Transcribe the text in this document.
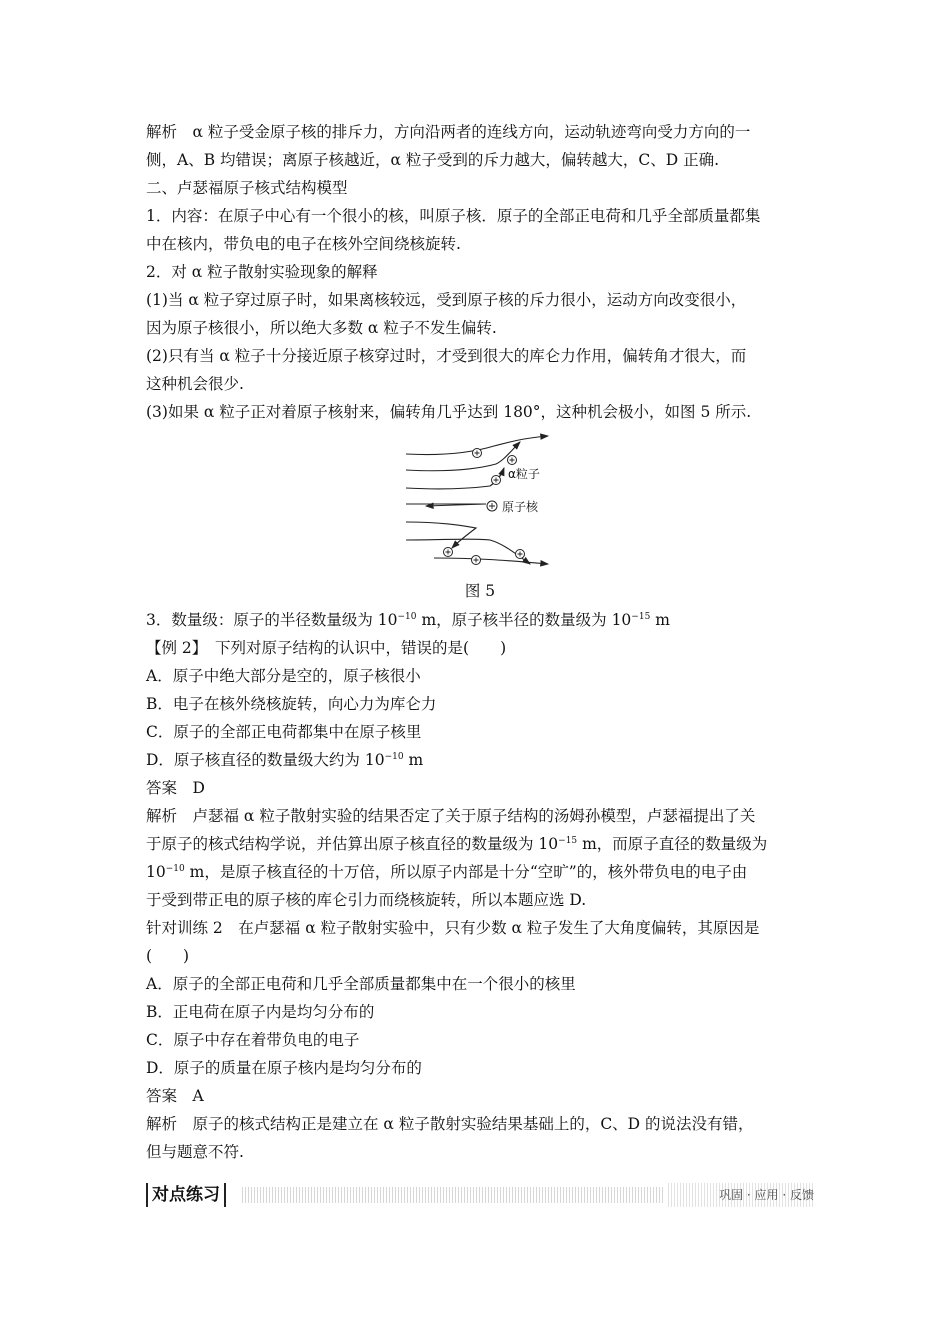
解析　α 粒子受金原子核的排斥力，方向沿两者的连线方向，运动轨迹弯向受力方向的一
侧，A、B 均错误；离原子核越近，α 粒子受到的斥力越大，偏转越大，C、D 正确.
二、卢瑟福原子核式结构模型
1．内容：在原子中心有一个很小的核，叫原子核．原子的全部正电荷和几乎全部质量都集
中在核内，带负电的电子在核外空间绕核旋转.
2．对 α 粒子散射实验现象的解释
(1)当 α 粒子穿过原子时，如果离核较远，受到原子核的斥力很小，运动方向改变很小，
因为原子核很小，所以绝大多数 α 粒子不发生偏转.
(2)只有当 α 粒子十分接近原子核穿过时，才受到很大的库仑力作用，偏转角才很大，而
这种机会很少.
(3)如果 α 粒子正对着原子核射来，偏转角几乎达到 180°，这种机会极小，如图 5 所示.
α粒子
原子核
图 5
3．数量级：原子的半径数量级为 $10^{-10}$ m，原子核半径的数量级为 $10^{-15}$ m
【例 2】　下列对原子结构的认识中，错误的是(　　)
A．原子中绝大部分是空的，原子核很小
B．电子在核外绕核旋转，向心力为库仑力
C．原子的全部正电荷都集中在原子核里
D．原子核直径的数量级大约为 $10^{-10}$ m
答案　D
解析　卢瑟福 α 粒子散射实验的结果否定了关于原子结构的汤姆孙模型，卢瑟福提出了关
于原子的核式结构学说，并估算出原子核直径的数量级为 $10^{-15}$ m，而原子直径的数量级为
$10^{-10}$ m，是原子核直径的十万倍，所以原子内部是十分“空旷”的，核外带负电的电子由
于受到带正电的原子核的库仑引力而绕核旋转，所以本题应选 D.
针对训练 2　在卢瑟福 α 粒子散射实验中，只有少数 α 粒子发生了大角度偏转，其原因是
(　　)
A．原子的全部正电荷和几乎全部质量都集中在一个很小的核里
B．正电荷在原子内是均匀分布的
C．原子中存在着带负电的电子
D．原子的质量在原子核内是均匀分布的
答案　A
解析　原子的核式结构正是建立在 α 粒子散射实验结果基础上的，C、D 的说法没有错，
但与题意不符.
对点练习	巩固 · 应用 · 反馈
